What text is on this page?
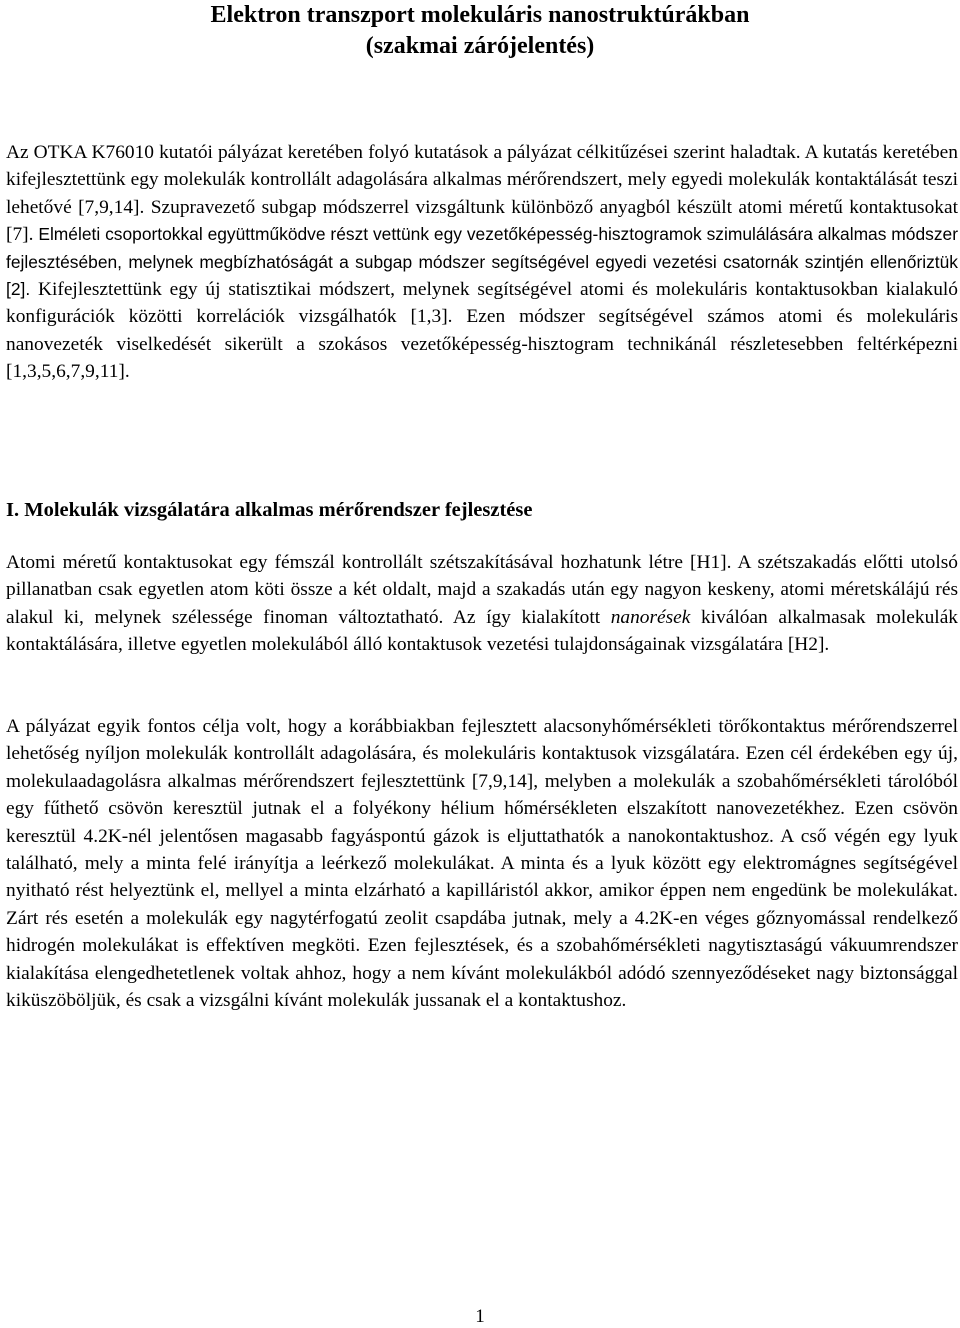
Elektron transzport molekuláris nanostruktúrákban
(szakmai zárójelentés)

Az OTKA K76010 kutatói pályázat keretében folyó kutatások a pályázat célkitűzései szerint haladtak. A kutatás keretében kifejlesztettünk egy molekulák kontrollált adagolására alkalmas mérőrendszert, mely egyedi molekulák kontaktálását teszi lehetővé [7,9,14]. Szupravezető subgap módszerrel vizsgáltunk különböző anyagból készült atomi méretű kontaktusokat [7]. Elméleti csoportokkal együttműködve részt vettünk egy vezetőképesség-hisztogramok szimulálására alkalmas módszer fejlesztésében, melynek megbízhatóságát a subgap módszer segítségével egyedi vezetési csatornák szintjén ellenőriztük [2]. Kifejlesztettünk egy új statisztikai módszert, melynek segítségével atomi és molekuláris kontaktusokban kialakuló konfigurációk közötti korrelációk vizsgálhatók [1,3]. Ezen módszer segítségével számos atomi és molekuláris nanovezeték viselkedését sikerült a szokásos vezetőképesség-hisztogram technikánál részletesebben feltérképezni [1,3,5,6,7,9,11].

I. Molekulák vizsgálatára alkalmas mérőrendszer fejlesztése

Atomi méretű kontaktusokat egy fémszál kontrollált szétszakításával hozhatunk létre [H1]. A szétszakadás előtti utolsó pillanatban csak egyetlen atom köti össze a két oldalt, majd a szakadás után egy nagyon keskeny, atomi méretskálájú rés alakul ki, melynek szélessége finoman változtatható. Az így kialakított nanorések kiválóan alkalmasak molekulák kontaktálására, illetve egyetlen molekulából álló kontaktusok vezetési tulajdonságainak vizsgálatára [H2].

A pályázat egyik fontos célja volt, hogy a korábbiakban fejlesztett alacsonyhőmérsékleti törőkontaktus mérőrendszerrel lehetőség nyíljon molekulák kontrollált adagolására, és molekuláris kontaktusok vizsgálatára. Ezen cél érdekében egy új, molekulaadagolásra alkalmas mérőrendszert fejlesztettünk [7,9,14], melyben a molekulák a szobahőmérsékleti tárolóból egy fűthető csövön keresztül jutnak el a folyékony hélium hőmérsékleten elszakított nanovezetékhez. Ezen csövön keresztül 4.2K-nél jelentősen magasabb fagyáspontú gázok is eljuttathatók a nanokontaktushoz. A cső végén egy lyuk található, mely a minta felé irányítja a leérkező molekulákat. A minta és a lyuk között egy elektromágnes segítségével nyitható rést helyeztünk el, mellyel a minta elzárható a kapilláristól akkor, amikor éppen nem engedünk be molekulákat. Zárt rés esetén a molekulák egy nagytérfogatú zeolit csapdába jutnak, mely a 4.2K-en véges gőznyomással rendelkező hidrogén molekulákat is effektíven megköti. Ezen fejlesztések, és a szobahőmérsékleti nagytisztaságú vákuumrendszer kialakítása elengedhetetlenek voltak ahhoz, hogy a nem kívánt molekulákból adódó szennyeződéseket nagy biztonsággal kiküszöböljük, és csak a vizsgálni kívánt molekulák jussanak el a kontaktushoz.

1
